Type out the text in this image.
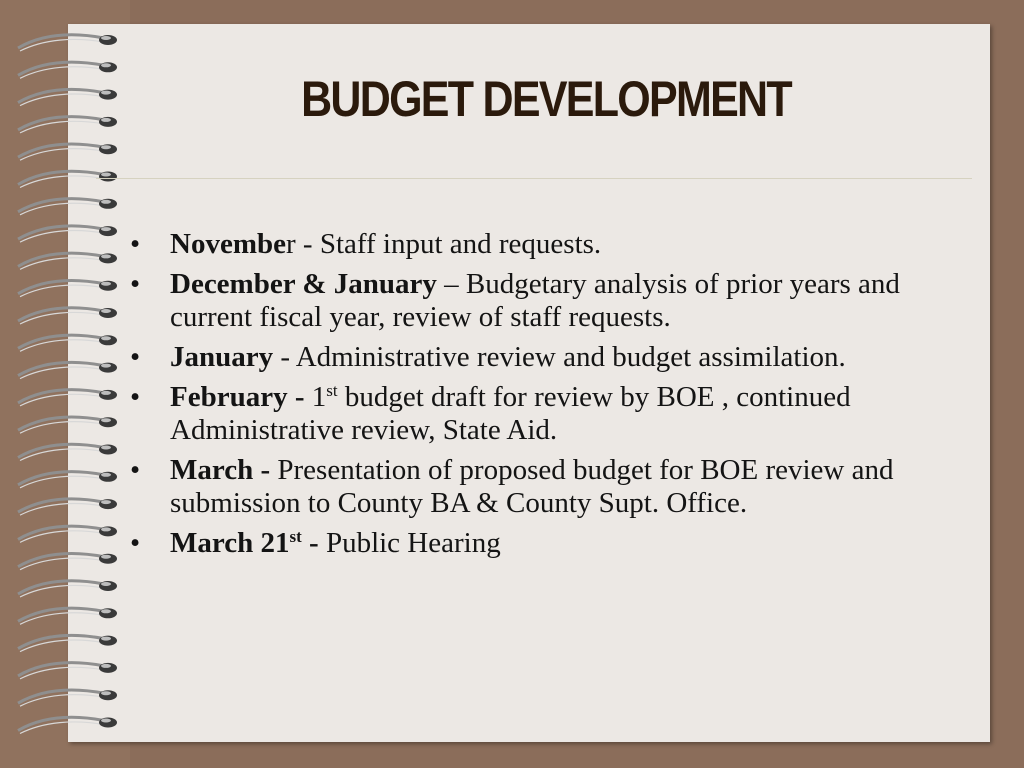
BUDGET DEVELOPMENT
• November - Staff input and requests.
• December & January – Budgetary analysis of prior years and current fiscal year, review of staff requests.
• January - Administrative review and budget assimilation.
• February - 1st budget draft for review by BOE , continued Administrative review, State Aid.
• March - Presentation of proposed budget for BOE review and submission to County BA & County Supt. Office.
• March 21st - Public Hearing
